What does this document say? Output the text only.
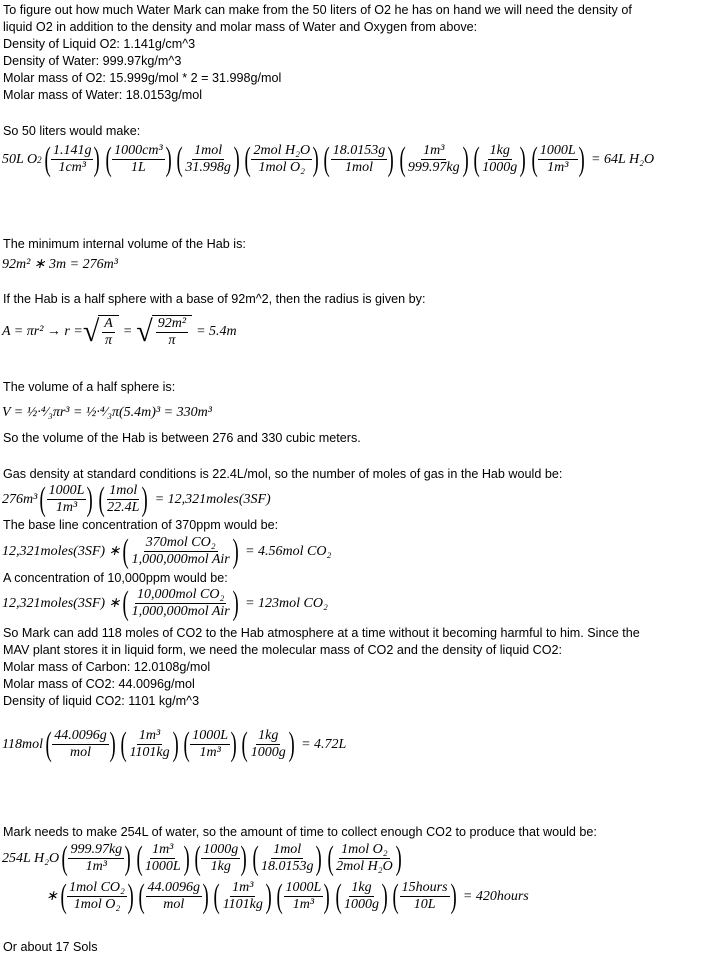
To figure out how much Water Mark can make from the 50 liters of O2 he has on hand we will need the density of
liquid O2 in addition to the density and molar mass of Water and Oxygen from above:
Density of Liquid O2: 1.141g/cm^3
Density of Water: 999.97kg/m^3
Molar mass of O2: 15.999g/mol * 2 = 31.998g/mol
Molar mass of Water: 18.0153g/mol
So 50 liters would make:
50L O 2 ( $\frac{1.141g}{\text{1cm³}}$
) ( $\frac{\text{1000cm³}}{1L}$
) ( $\frac{\text{1mol}}{31.998g}$
) ( $\frac{\text{2mol H₂O}}{\text{1mol O₂}}$
) ( $\frac{18.0153g}{\text{1mol}}$
) ( $\frac{\text{1m³}}{999.97kg}$
) ( $\frac{1kg}{1000g}$
) ( $\frac{1000L}{\text{1m³}}$
) = 64L H₂O
The minimum internal volume of the Hab is:
92m² ∗ 3m = 276m³
If the Hab is a half sphere with a base of 92m^2, then the radius is given by:
A = πr² → r = √ $\frac{A}{\pi}$ = √ $\frac{\text{92m²}}{\pi} = 5.4m$
The volume of a half sphere is:
V = ½·⁴⁄₃πr³ = ½·⁴⁄₃π(5.4m)³ = 330m³
So the volume of the Hab is between 276 and 330 cubic meters.
Gas density at standard conditions is 22.4L/mol, so the number of moles of gas in the Hab would be:
276m³ ( $\frac{1000L}{\text{1m³}}$
) ( $\frac{\text{1mol}}{22.4L}$
) = 12,321moles(3SF)
The base line concentration of 370ppm would be:
12,321moles(3SF) ∗ ( $\frac{\text{370mol CO₂}}{\text{1,000,000mol Air}}$
) = 4.56mol CO₂
A concentration of 10,000ppm would be:
12,321moles(3SF) ∗ ( $\frac{\text{10,000mol CO₂}}{\text{1,000,000mol Air}}$
) = 123mol CO₂
So Mark can add 118 moles of CO2 to the Hab atmosphere at a time without it becoming harmful to him. Since the
MAV plant stores it in liquid form, we need the molecular mass of CO2 and the density of liquid CO2:
Molar mass of Carbon: 12.0108g/mol
Molar mass of CO2: 44.0096g/mol
Density of liquid CO2: 1101 kg/m^3
118mol ( $\frac{44.0096g}{\text{mol}}$
) ( $\frac{\text{1m³}}{1101kg}$
) ( $\frac{1000L}{\text{1m³}}$
) ( $\frac{1kg}{1000g}$
) = 4.72L
Mark needs to make 254L of water, so the amount of time to collect enough CO2 to produce that would be:
254L H₂O ( $\frac{999.97kg}{\text{1m³}}$
) ( $\frac{\text{1m³}}{1000L}$
) ( $\frac{1000g}{1kg}$
) ( $\frac{\text{1mol}}{18.0153g}$
) ( $\frac{\text{1mol O₂}}{\text{2mol H₂O}}$
)
∗ ( $\frac{\text{1mol CO₂}}{\text{1mol O₂}}$
) ( $\frac{44.0096g}{\text{mol}}$
) ( $\frac{\text{1m³}}{1101kg}$
) ( $\frac{1000L}{\text{1m³}}$
) ( $\frac{1kg}{1000g}$
) ( $\frac{\text{15hours}}{10L}$
) = 420hours
Or about 17 Sols
